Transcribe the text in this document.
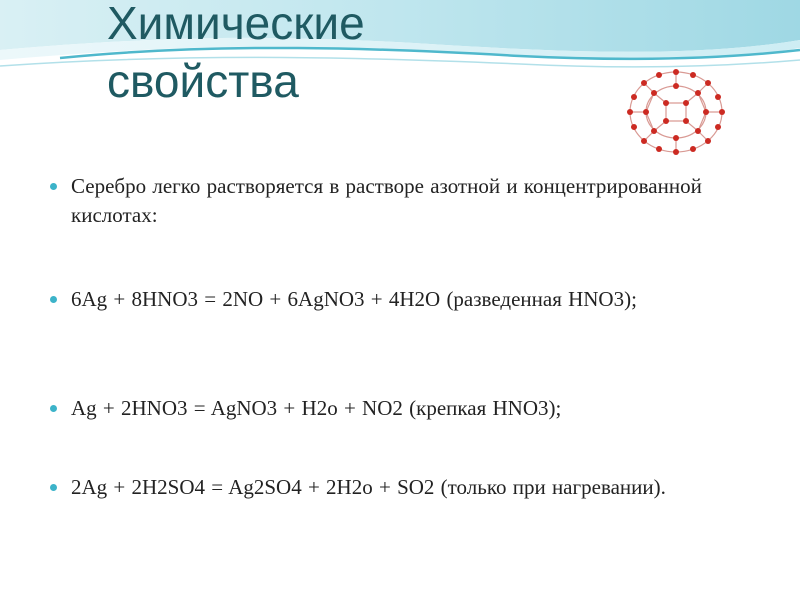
Химические
свойства

Серебро легко растворяется в растворе азотной и концентрированной кислотах:

6Ag + 8HNO3 = 2NO + 6AgNO3 + 4H2O (разведенная HNO3);

Ag + 2HNO3 = AgNO3 + H2o + NO2 (крепкая HNO3);

2Ag + 2H2SO4 = Ag2SO4 + 2H2o + SO2 (только при нагревании).
